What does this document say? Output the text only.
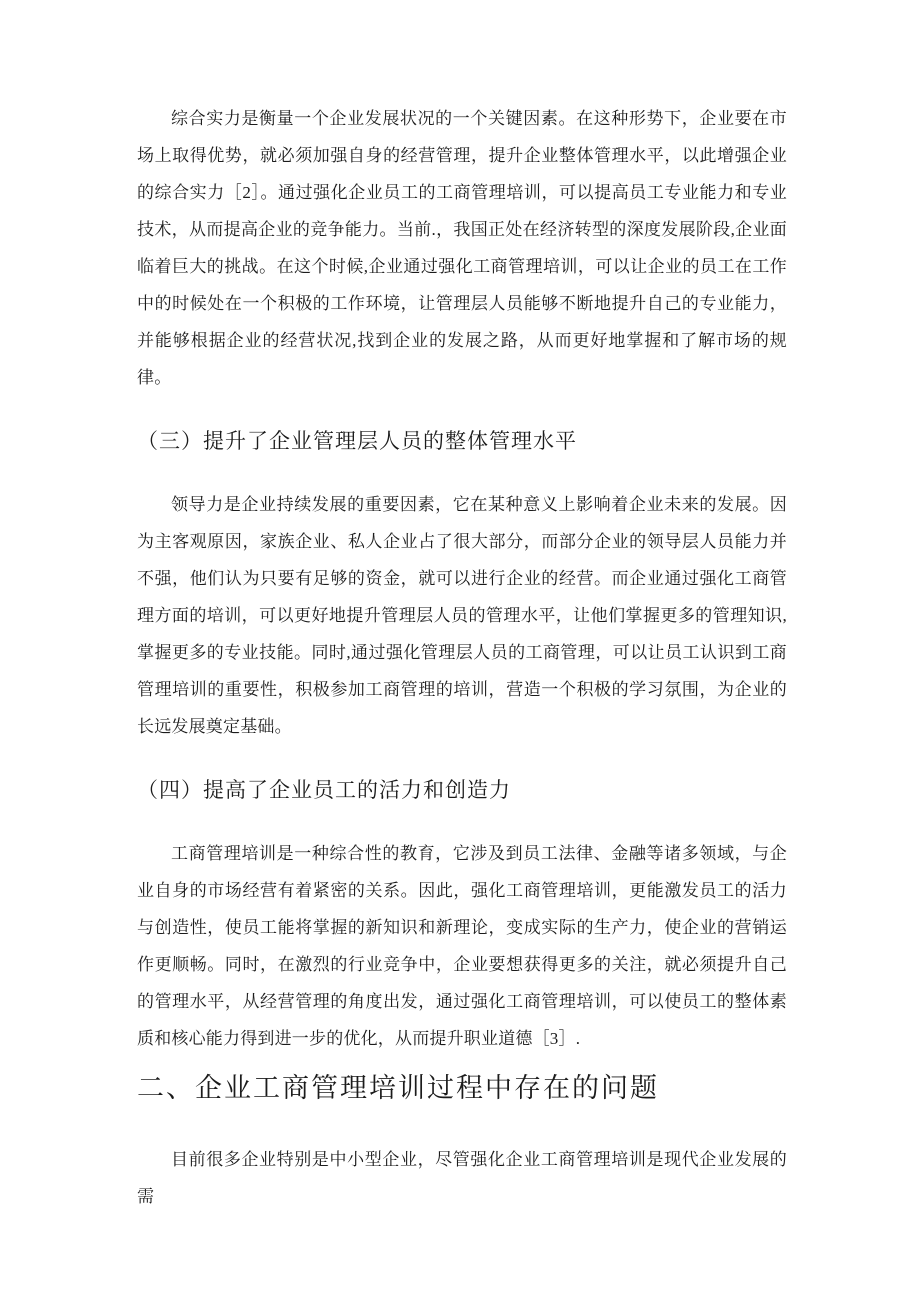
综合实力是衡量一个企业发展状况的一个关键因素。在这种形势下，企业要在市场上取得优势，就必须加强自身的经营管理，提升企业整体管理水平，以此增强企业的综合实力［2］。通过强化企业员工的工商管理培训，可以提高员工专业能力和专业技术，从而提高企业的竞争能力。当前.，我国正处在经济转型的深度发展阶段,企业面临着巨大的挑战。在这个时候,企业通过强化工商管理培训，可以让企业的员工在工作中的时候处在一个积极的工作环境，让管理层人员能够不断地提升自己的专业能力，并能够根据企业的经营状况,找到企业的发展之路，从而更好地掌握和了解市场的规律。

（三）提升了企业管理层人员的整体管理水平

领导力是企业持续发展的重要因素，它在某种意义上影响着企业未来的发展。因为主客观原因，家族企业、私人企业占了很大部分，而部分企业的领导层人员能力并不强，他们认为只要有足够的资金，就可以进行企业的经营。而企业通过强化工商管理方面的培训，可以更好地提升管理层人员的管理水平，让他们掌握更多的管理知识,掌握更多的专业技能。同时,通过强化管理层人员的工商管理，可以让员工认识到工商管理培训的重要性，积极参加工商管理的培训，营造一个积极的学习氛围，为企业的长远发展奠定基础。

（四）提高了企业员工的活力和创造力

工商管理培训是一种综合性的教育，它涉及到员工法律、金融等诸多领域，与企业自身的市场经营有着紧密的关系。因此，强化工商管理培训，更能激发员工的活力与创造性，使员工能将掌握的新知识和新理论，变成实际的生产力，使企业的营销运作更顺畅。同时，在激烈的行业竞争中，企业要想获得更多的关注，就必须提升自己的管理水平，从经营管理的角度出发，通过强化工商管理培训，可以使员工的整体素质和核心能力得到进一步的优化，从而提升职业道德［3］.

二、企业工商管理培训过程中存在的问题

目前很多企业特别是中小型企业，尽管强化企业工商管理培训是现代企业发展的需
